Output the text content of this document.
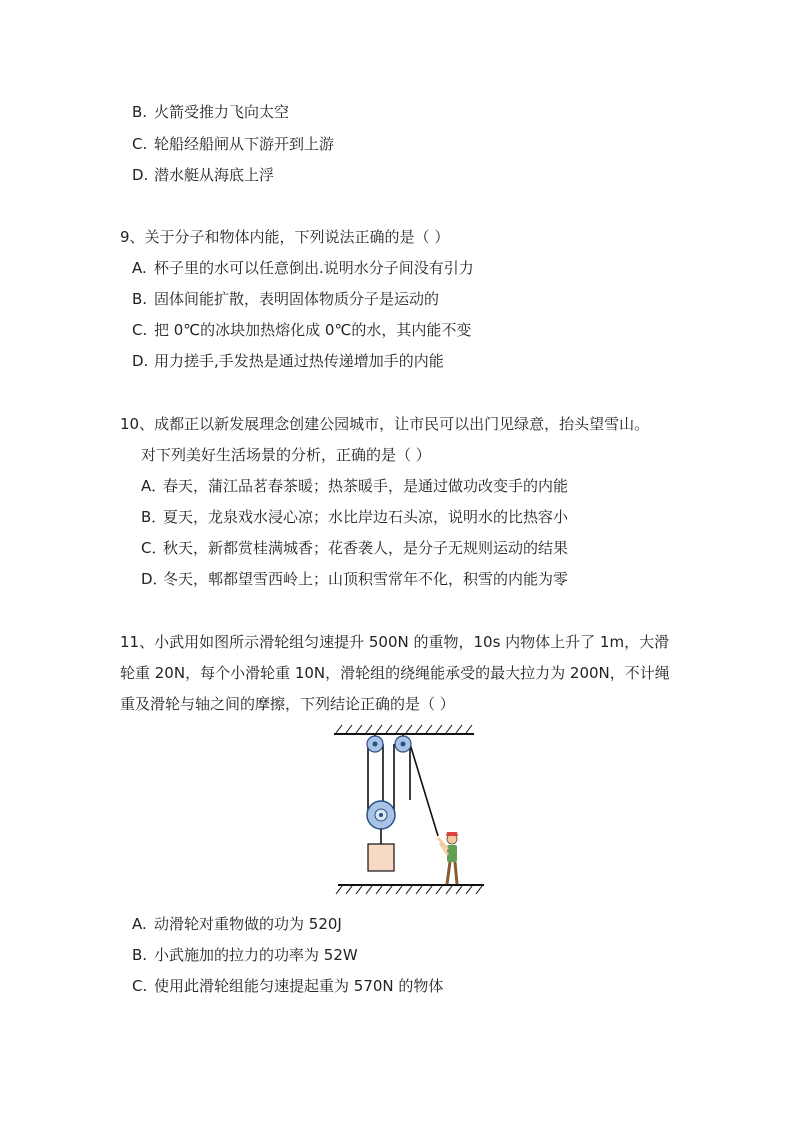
B. 火箭受推力飞向太空
C. 轮船经船闸从下游开到上游
D. 潜水艇从海底上浮
9、关于分子和物体内能，下列说法正确的是（ ）
A. 杯子里的水可以任意倒出.说明水分子间没有引力
B. 固体间能扩散，表明固体物质分子是运动的
C. 把 0℃的冰块加热熔化成 0℃的水，其内能不变
D. 用力搓手,手发热是通过热传递增加手的内能
10、成都正以新发展理念创建公园城市，让市民可以出门见绿意，抬头望雪山。
对下列美好生活场景的分析，正确的是（ ）
A．春天，蒲江品茗春茶暖；热茶暖手，是通过做功改变手的内能
B．夏天，龙泉戏水浸心凉；水比岸边石头凉，说明水的比热容小
C．秋天，新都赏桂满城香；花香袭人，是分子无规则运动的结果
D．冬天，郫都望雪西岭上；山顶积雪常年不化，积雪的内能为零
11、小武用如图所示滑轮组匀速提升 500N 的重物，10s 内物体上升了 1m，大滑
轮重 20N，每个小滑轮重 10N，滑轮组的绕绳能承受的最大拉力为 200N，不计绳
重及滑轮与轴之间的摩擦，下列结论正确的是（ ）
A. 动滑轮对重物做的功为 520J
B. 小武施加的拉力的功率为 52W
C. 使用此滑轮组能匀速提起重为 570N 的物体
